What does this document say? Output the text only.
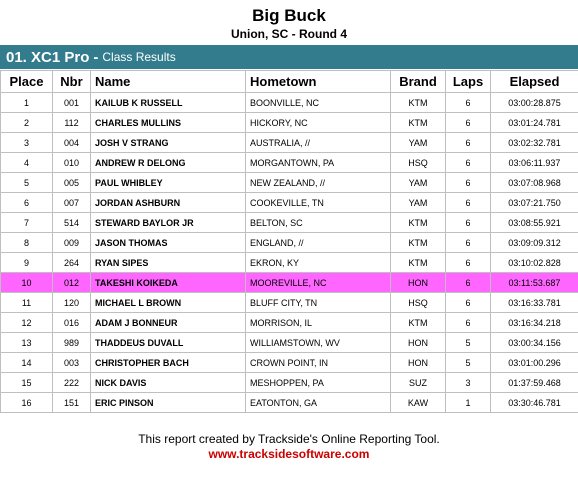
Big Buck
Union, SC - Round 4
01. XC1 Pro - Class Results
Place	Nbr	Name	Hometown	Brand	Laps	Elapsed
1	001	KAILUB K RUSSELL	BOONVILLE, NC	KTM	6	03:00:28.875
2	112	CHARLES MULLINS	HICKORY, NC	KTM	6	03:01:24.781
3	004	JOSH V STRANG	AUSTRALIA, //	YAM	6	03:02:32.781
4	010	ANDREW R DELONG	MORGANTOWN, PA	HSQ	6	03:06:11.937
5	005	PAUL WHIBLEY	NEW ZEALAND, //	YAM	6	03:07:08.968
6	007	JORDAN ASHBURN	COOKEVILLE, TN	YAM	6	03:07:21.750
7	514	STEWARD BAYLOR JR	BELTON, SC	KTM	6	03:08:55.921
8	009	JASON THOMAS	ENGLAND, //	KTM	6	03:09:09.312
9	264	RYAN SIPES	EKRON, KY	KTM	6	03:10:02.828
10	012	TAKESHI KOIKEDA	MOOREVILLE, NC	HON	6	03:11:53.687
11	120	MICHAEL L BROWN	BLUFF CITY, TN	HSQ	6	03:16:33.781
12	016	ADAM J BONNEUR	MORRISON, IL	KTM	6	03:16:34.218
13	989	THADDEUS DUVALL	WILLIAMSTOWN, WV	HON	5	03:00:34.156
14	003	CHRISTOPHER BACH	CROWN POINT, IN	HON	5	03:01:00.296
15	222	NICK DAVIS	MESHOPPEN, PA	SUZ	3	01:37:59.468
16	151	ERIC PINSON	EATONTON, GA	KAW	1	03:30:46.781
This report created by Trackside's Online Reporting Tool.
www.tracksidesoftware.com
